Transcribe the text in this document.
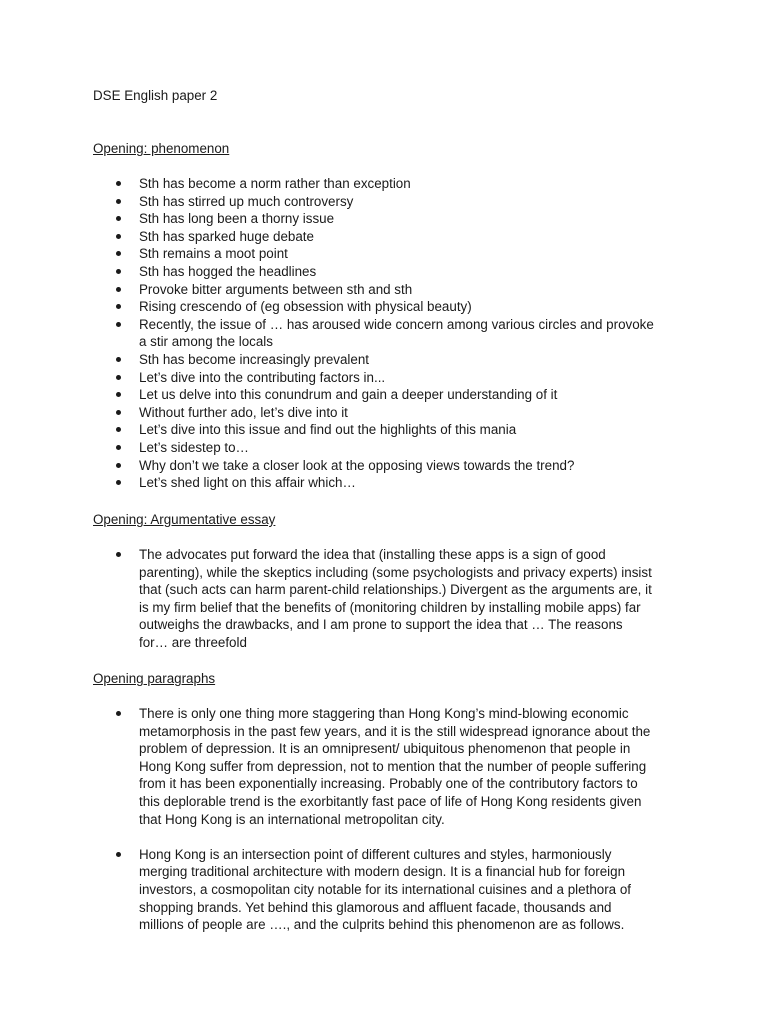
DSE English paper 2
Opening: phenomenon
Sth has become a norm rather than exception
Sth has stirred up much controversy
Sth has long been a thorny issue
Sth has sparked huge debate
Sth remains a moot point
Sth has hogged the headlines
Provoke bitter arguments between sth and sth
Rising crescendo of (eg obsession with physical beauty)
Recently, the issue of … has aroused wide concern among various circles and provoke a stir among the locals
Sth has become increasingly prevalent
Let’s dive into the contributing factors in...
Let us delve into this conundrum and gain a deeper understanding of it
Without further ado, let’s dive into it
Let’s dive into this issue and find out the highlights of this mania
Let’s sidestep to…
Why don’t we take a closer look at the opposing views towards the trend?
Let’s shed light on this affair which…
Opening: Argumentative essay
The advocates put forward the idea that (installing these apps is a sign of good parenting), while the skeptics including (some psychologists and privacy experts) insist that (such acts can harm parent-child relationships.) Divergent as the arguments are, it is my firm belief that the benefits of (monitoring children by installing mobile apps) far outweighs the drawbacks, and I am prone to support the idea that … The reasons for… are threefold
Opening paragraphs
There is only one thing more staggering than Hong Kong’s mind-blowing economic metamorphosis in the past few years, and it is the still widespread ignorance about the problem of depression. It is an omnipresent/ ubiquitous phenomenon that people in Hong Kong suffer from depression, not to mention that the number of people suffering from it has been exponentially increasing. Probably one of the contributory factors to this deplorable trend is the exorbitantly fast pace of life of Hong Kong residents given that Hong Kong is an international metropolitan city.
Hong Kong is an intersection point of different cultures and styles, harmoniously merging traditional architecture with modern design. It is a financial hub for foreign investors, a cosmopolitan city notable for its international cuisines and a plethora of shopping brands. Yet behind this glamorous and affluent facade, thousands and millions of people are …., and the culprits behind this phenomenon are as follows.
